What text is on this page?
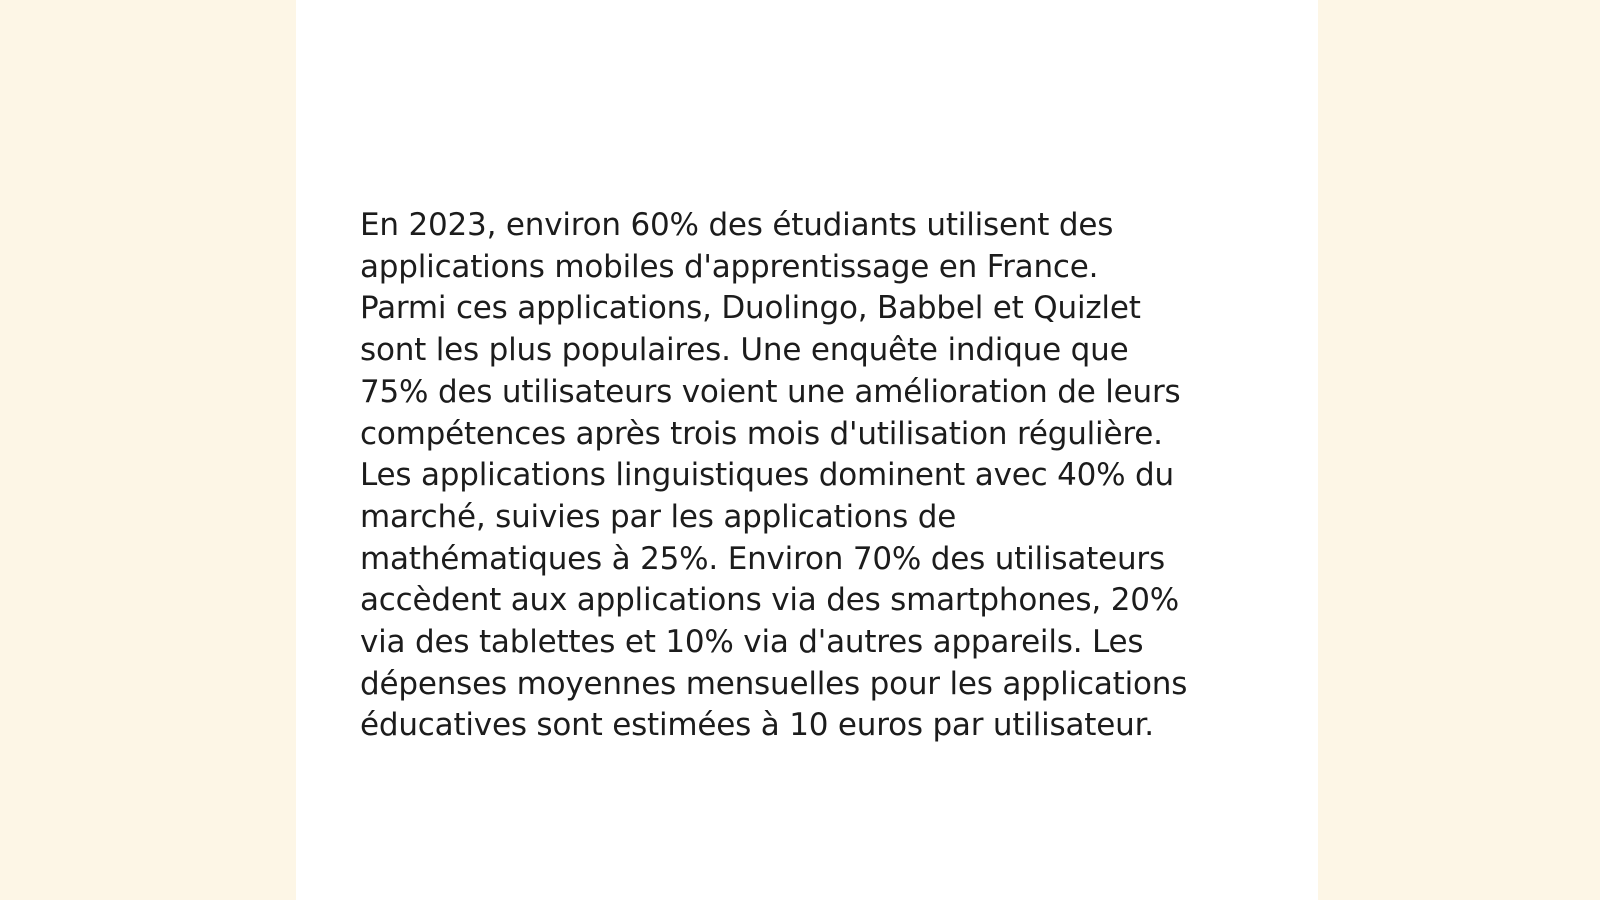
En 2023, environ 60% des étudiants utilisent des
applications mobiles d'apprentissage en France.
Parmi ces applications, Duolingo, Babbel et Quizlet
sont les plus populaires. Une enquête indique que
75% des utilisateurs voient une amélioration de leurs
compétences après trois mois d'utilisation régulière.
Les applications linguistiques dominent avec 40% du
marché, suivies par les applications de
mathématiques à 25%. Environ 70% des utilisateurs
accèdent aux applications via des smartphones, 20%
via des tablettes et 10% via d'autres appareils. Les
dépenses moyennes mensuelles pour les applications
éducatives sont estimées à 10 euros par utilisateur.
